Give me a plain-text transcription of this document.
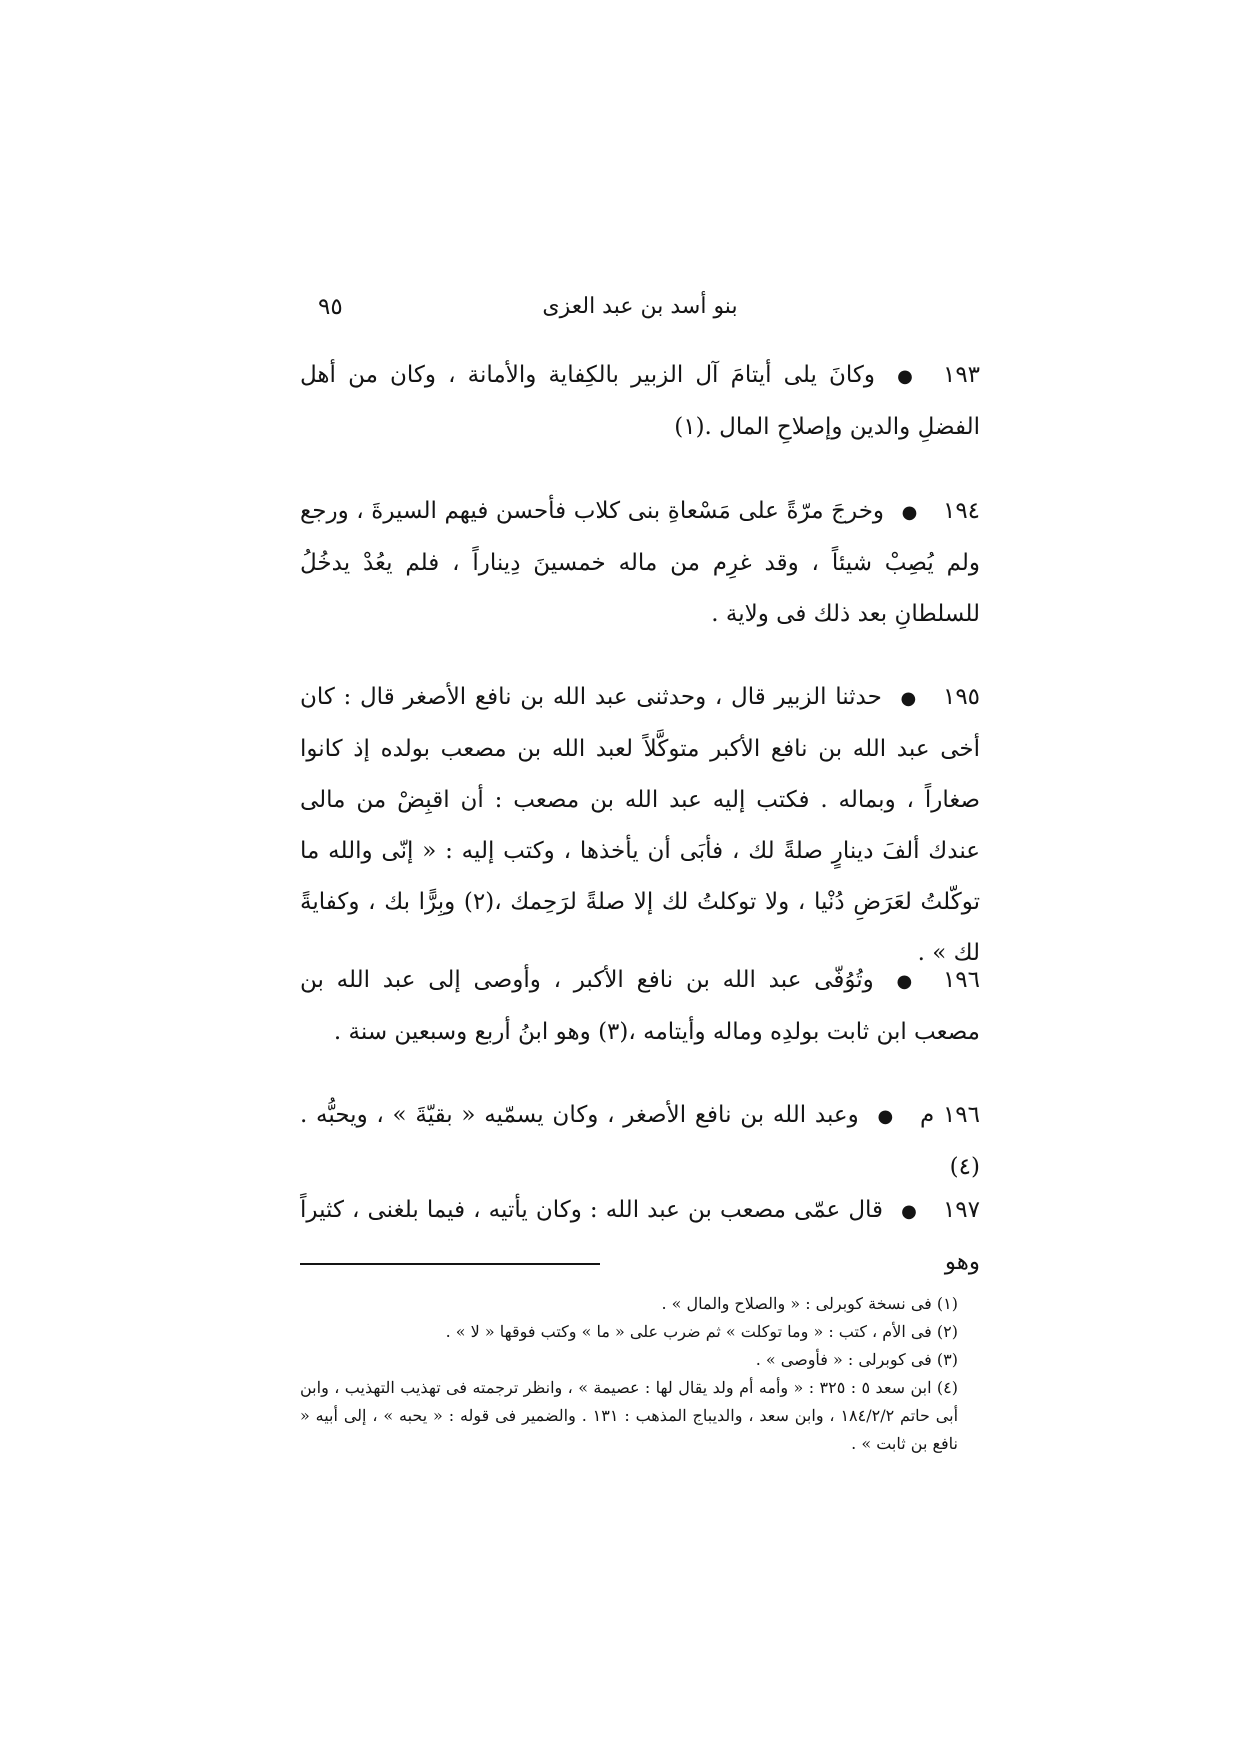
بنو أسد بن عبد العزى
٩٥
١٩٣ ● وكانَ يلى أيتامَ آل الزبير بالكِفاية والأمانة ، وكان من أهل الفضلِ والدين وإصلاحِ المال .(١)
١٩٤ ● وخرجَ مرّةً على مَسْعاةِ بنى كلاب فأحسن فيهم السيرةَ ، ورجع ولم يُصِبْ شيئاً ، وقد غرِم من ماله خمسينَ دِيناراً ، فلم يعُدْ يدخُلُ للسلطانِ بعد ذلك فى ولاية .
١٩٥ ● حدثنا الزبير قال ، وحدثنى عبد الله بن نافع الأصغر قال : كان أخى عبد الله بن نافع الأكبر متوكَّلاً لعبد الله بن مصعب بولده إذ كانوا صغاراً ، وبماله . فكتب إليه عبد الله بن مصعب : أن اقبِضْ من مالى عندك ألفَ دينارٍ صلةً لك ، فأبَى أن يأخذها ، وكتب إليه : « إنّى والله ما توكّلتُ لعَرَضِ دُنْيا ، ولا توكلتُ لك إلا صلةً لرَحِمك ،(٢) وبِرًّا بك ، وكفايةً لك » .
١٩٦ ● وتُوُفّى عبد الله بن نافع الأكبر ، وأوصى إلى عبد الله بن مصعب ابن ثابت بولدِه وماله وأيتامه ،(٣) وهو ابنُ أربع وسبعين سنة .
١٩٦ م ● وعبد الله بن نافع الأصغر ، وكان يسمّيه « بقيّةَ » ، ويحبُّه .(٤)
١٩٧ ● قال عمّى مصعب بن عبد الله : وكان يأتيه ، فيما بلغنى ، كثيراً وهو
(١) فى نسخة كوبرلى : « والصلاح والمال » .
(٢) فى الأم ، كتب : « وما توكلت » ثم ضرب على « ما » وكتب فوقها « لا » .
(٣) فى كوبرلى : « فأوصى » .
(٤) ابن سعد ٥ : ٣٢٥ : « وأمه أم ولد يقال لها : عصيمة » ، وانظر ترجمته فى تهذيب التهذيب ، وابن أبى حاتم ١٨٤/٢/٢ ، وابن سعد ، والديباج المذهب : ١٣١ . والضمير فى قوله : « يحبه » ، إلى أبيه « نافع بن ثابت » .
